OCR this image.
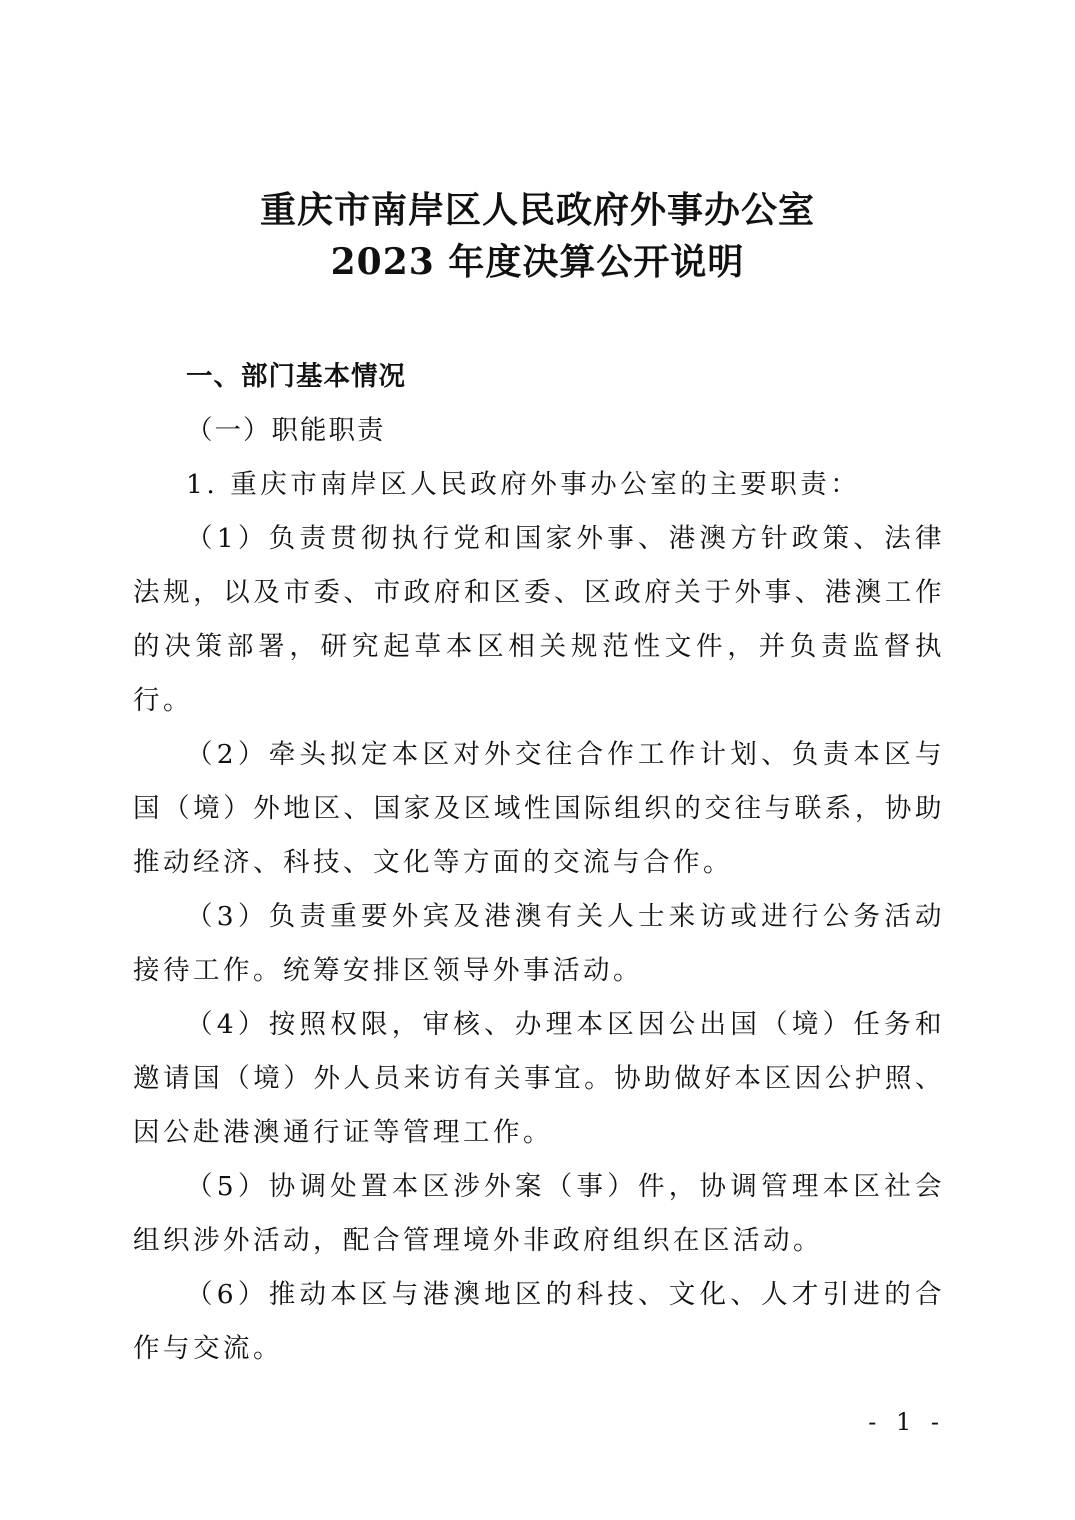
重庆市南岸区人民政府外事办公室
2023 年度决算公开说明

一、部门基本情况

（一）职能职责

1. 重庆市南岸区人民政府外事办公室的主要职责：

（1）负责贯彻执行党和国家外事、港澳方针政策、法律法规，以及市委、市政府和区委、区政府关于外事、港澳工作的决策部署，研究起草本区相关规范性文件，并负责监督执行。

（2）牵头拟定本区对外交往合作工作计划、负责本区与国（境）外地区、国家及区域性国际组织的交往与联系，协助推动经济、科技、文化等方面的交流与合作。

（3）负责重要外宾及港澳有关人士来访或进行公务活动接待工作。统筹安排区领导外事活动。

（4）按照权限，审核、办理本区因公出国（境）任务和邀请国（境）外人员来访有关事宜。协助做好本区因公护照、因公赴港澳通行证等管理工作。

（5）协调处置本区涉外案（事）件，协调管理本区社会组织涉外活动，配合管理境外非政府组织在区活动。

（6）推动本区与港澳地区的科技、文化、人才引进的合作与交流。

- 1 -
